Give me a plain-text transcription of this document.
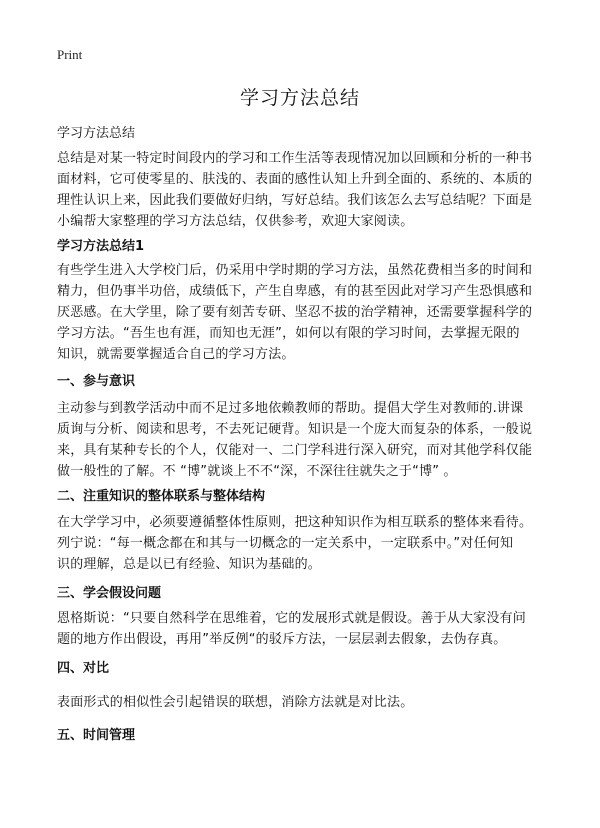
Print
学习方法总结
学习方法总结
总结是对某一特定时间段内的学习和工作生活等表现情况加以回顾和分析的一种书
面材料，它可使零星的、肤浅的、表面的感性认知上升到全面的、系统的、本质的
理性认识上来，因此我们要做好归纳，写好总结。我们该怎么去写总结呢？下面是
小编帮大家整理的学习方法总结，仅供参考，欢迎大家阅读。
学习方法总结1
有些学生进入大学校门后，仍采用中学时期的学习方法，虽然花费相当多的时间和
精力，但仍事半功倍，成绩低下，产生自卑感，有的甚至因此对学习产生恐惧感和
厌恶感。在大学里，除了要有刻苦专研、坚忍不拔的治学精神，还需要掌握科学的
学习方法。“吾生也有涯，而知也无涯”，如何以有限的学习时间，去掌握无限的
知识，就需要掌握适合自己的学习方法。
一、参与意识
主动参与到教学活动中而不足过多地依赖教师的帮助。提倡大学生对教师的.讲课
质询与分析、阅读和思考，不去死记硬背。知识是一个庞大而复杂的体系，一般说
来，具有某种专长的个人，仅能对一、二门学科进行深入研究，而对其他学科仅能
做一般性的了解。不 “博”就谈上不不“深，不深往往就失之于“博” 。
二、注重知识的整体联系与整体结构
在大学学习中，必须要遵循整体性原则，把这种知识作为相互联系的整体来看待。
列宁说：“每一概念都在和其与一切概念的一定关系中，一定联系中。”对任何知
识的理解，总是以已有经验、知识为基础的。
三、学会假设问题
恩格斯说：“只要自然科学在思维着，它的发展形式就是假设。善于从大家没有问
题的地方作出假设，再用”举反例“的驳斥方法，一层层剥去假象，去伪存真。
四、对比
表面形式的相似性会引起错误的联想，消除方法就是对比法。
五、时间管理
